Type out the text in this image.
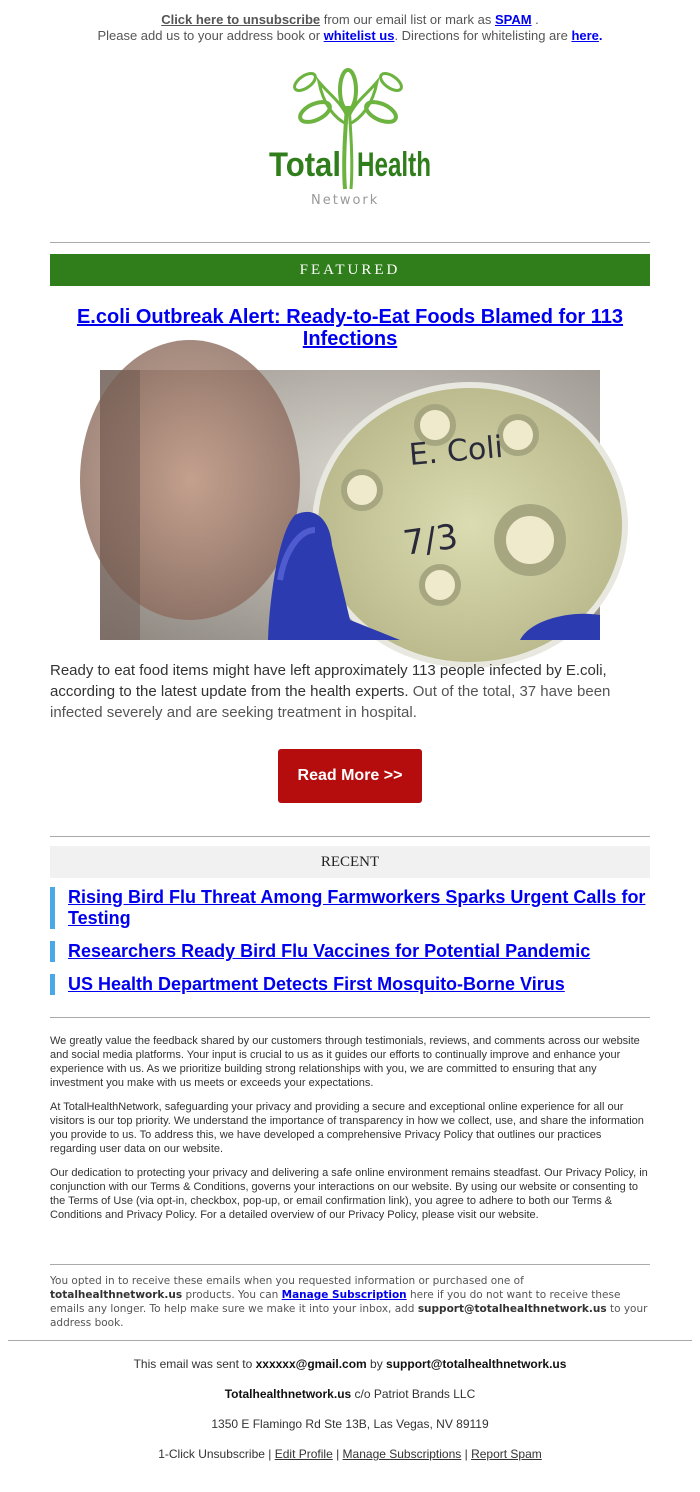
Click here to unsubscribe from our email list or mark as SPAM .
Please add us to your address book or whitelist us. Directions for whitelisting are here.
Total Health
Network
FEATURED
E.coli Outbreak Alert: Ready-to-Eat Foods Blamed for 113 Infections
E. Coli
7/3
Ready to eat food items might have left approximately 113 people infected by E.coli, according to the latest update from the health experts. Out of the total, 37 have been infected severely and are seeking treatment in hospital.
Read More >>
RECENT
Rising Bird Flu Threat Among Farmworkers Sparks Urgent Calls for Testing
Researchers Ready Bird Flu Vaccines for Potential Pandemic
US Health Department Detects First Mosquito-Borne Virus

We greatly value the feedback shared by our customers through testimonials, reviews, and comments across our website and social media platforms. Your input is crucial to us as it guides our efforts to continually improve and enhance your experience with us. As we prioritize building strong relationships with you, we are committed to ensuring that any investment you make with us meets or exceeds your expectations.

At TotalHealthNetwork, safeguarding your privacy and providing a secure and exceptional online experience for all our visitors is our top priority. We understand the importance of transparency in how we collect, use, and share the information you provide to us. To address this, we have developed a comprehensive Privacy Policy that outlines our practices regarding user data on our website.

Our dedication to protecting your privacy and delivering a safe online environment remains steadfast. Our Privacy Policy, in conjunction with our Terms & Conditions, governs your interactions on our website. By using our website or consenting to the Terms of Use (via opt-in, checkbox, pop-up, or email confirmation link), you agree to adhere to both our Terms & Conditions and Privacy Policy. For a detailed overview of our Privacy Policy, please visit our website.

You opted in to receive these emails when you requested information or purchased one of totalhealthnetwork.us products. You can Manage Subscription here if you do not want to receive these emails any longer. To help make sure we make it into your inbox, add support@totalhealthnetwork.us to your address book.
This email was sent to xxxxxx@gmail.com by support@totalhealthnetwork.us
Totalhealthnetwork.us c/o Patriot Brands LLC
1350 E Flamingo Rd Ste 13B, Las Vegas, NV 89119
1-Click Unsubscribe | Edit Profile | Manage Subscriptions | Report Spam
